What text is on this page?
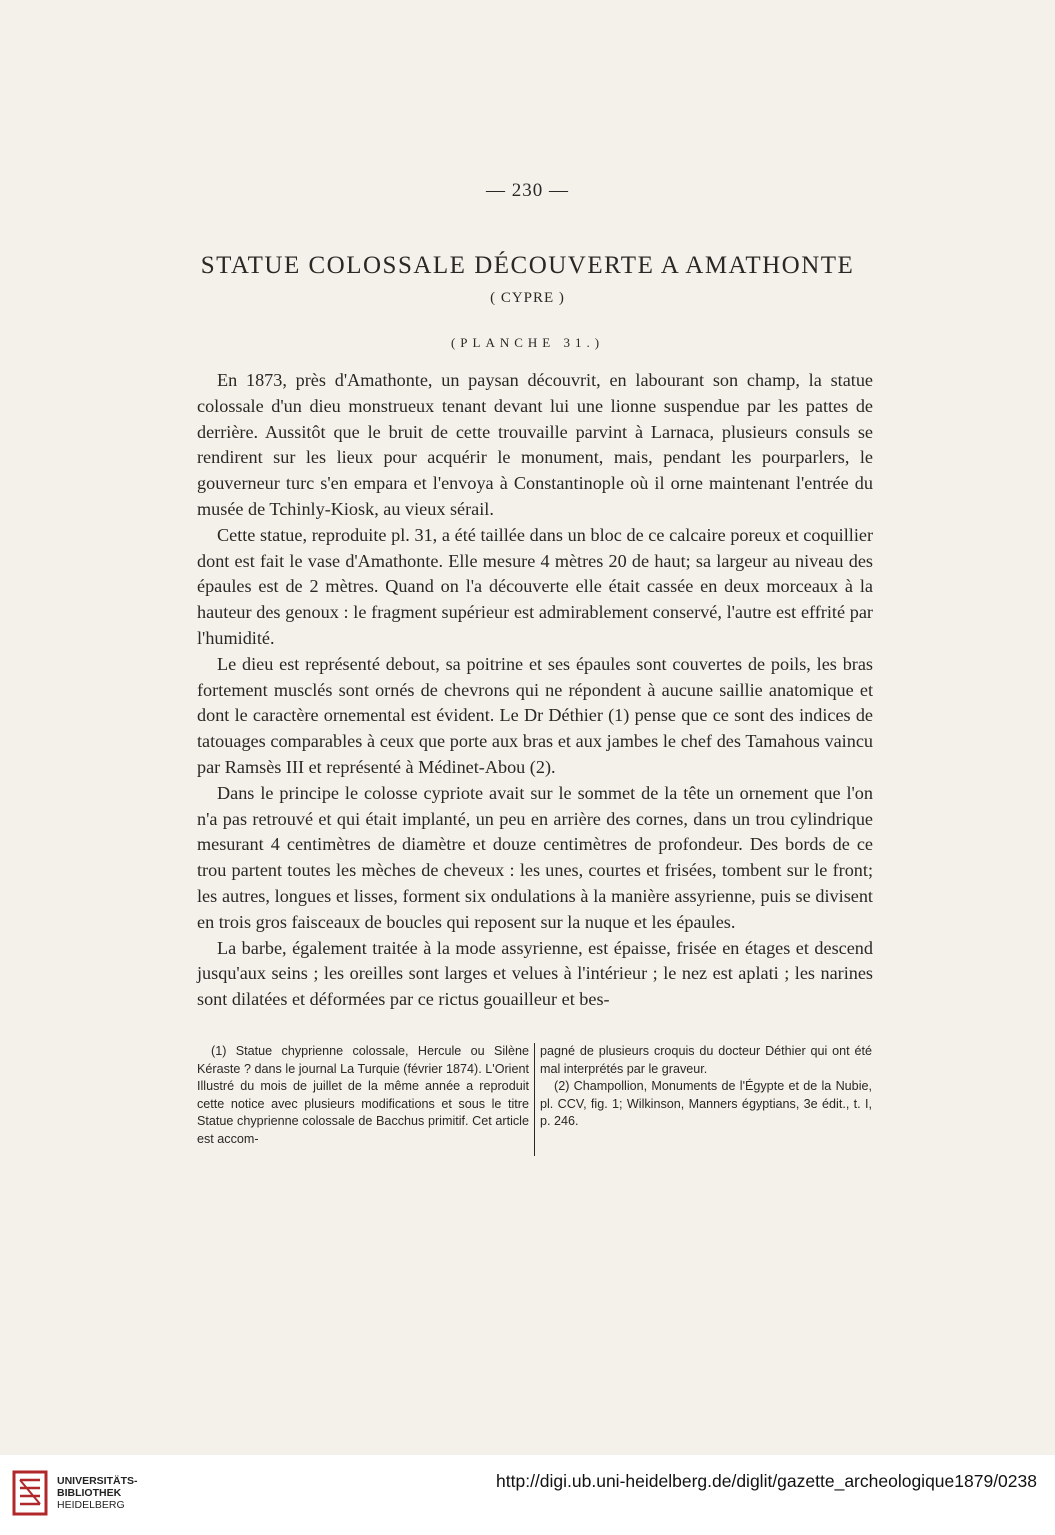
— 230 —
STATUE COLOSSALE DÉCOUVERTE A AMATHONTE
( CYPRE )
(PLANCHE 31.)

En 1873, près d'Amathonte, un paysan découvrit, en labourant son champ, la statue colossale d'un dieu monstrueux tenant devant lui une lionne suspendue par les pattes de derrière. Aussitôt que le bruit de cette trouvaille parvint à Larnaca, plusieurs consuls se rendirent sur les lieux pour acquérir le monument, mais, pendant les pourparlers, le gouverneur turc s'en empara et l'envoya à Constantinople où il orne maintenant l'entrée du musée de Tchinly-Kiosk, au vieux sérail.

Cette statue, reproduite pl. 31, a été taillée dans un bloc de ce calcaire poreux et coquillier dont est fait le vase d'Amathonte. Elle mesure 4 mètres 20 de haut; sa largeur au niveau des épaules est de 2 mètres. Quand on l'a découverte elle était cassée en deux morceaux à la hauteur des genoux : le fragment supérieur est admirablement conservé, l'autre est effrité par l'humidité.

Le dieu est représenté debout, sa poitrine et ses épaules sont couvertes de poils, les bras fortement musclés sont ornés de chevrons qui ne répondent à aucune saillie anatomique et dont le caractère ornemental est évident. Le Dr Déthier (1) pense que ce sont des indices de tatouages comparables à ceux que porte aux bras et aux jambes le chef des Tamahous vaincu par Ramsès III et représenté à Médinet-Abou (2).

Dans le principe le colosse cypriote avait sur le sommet de la tête un ornement que l'on n'a pas retrouvé et qui était implanté, un peu en arrière des cornes, dans un trou cylindrique mesurant 4 centimètres de diamètre et douze centimètres de profondeur. Des bords de ce trou partent toutes les mèches de cheveux : les unes, courtes et frisées, tombent sur le front; les autres, longues et lisses, forment six ondulations à la manière assyrienne, puis se divisent en trois gros faisceaux de boucles qui reposent sur la nuque et les épaules.

La barbe, également traitée à la mode assyrienne, est épaisse, frisée en étages et descend jusqu'aux seins ; les oreilles sont larges et velues à l'intérieur ; le nez est aplati ; les narines sont dilatées et déformées par ce rictus gouailleur et bes-

(1) Statue chyprienne colossale, Hercule ou Silène Kéraste ? dans le journal La Turquie (février 1874). L'Orient Illustré du mois de juillet de la même année a reproduit cette notice avec plusieurs modifications et sous le titre Statue chyprienne colossale de Bacchus primitif. Cet article est accom-

pagné de plusieurs croquis du docteur Déthier qui ont été mal interprétés par le graveur.

(2) Champollion, Monuments de l'Égypte et de la Nubie, pl. CCV, fig. 1; Wilkinson, Manners égyptians, 3e édit., t. I, p. 246.

UNIVERSITÄTS-
BIBLIOTHEK
HEIDELBERG
http://digi.ub.uni-heidelberg.de/diglit/gazette_archeologique1879/0238
